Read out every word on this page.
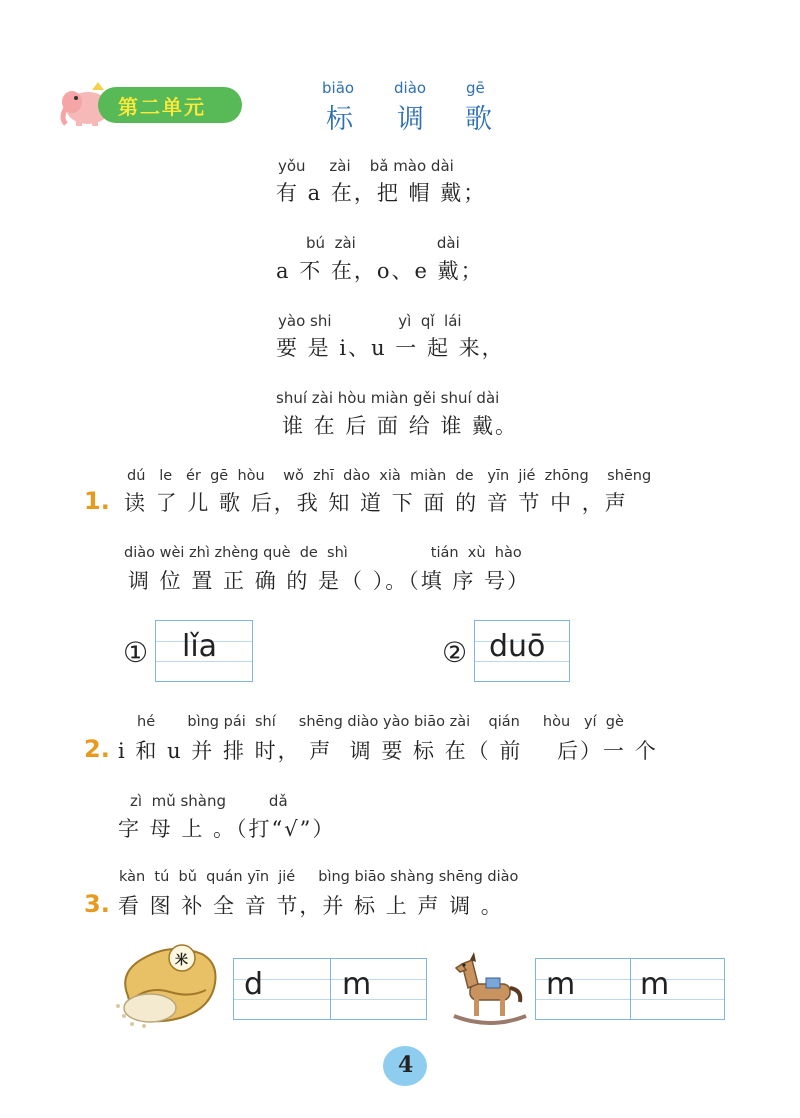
第二单元
biāo	diào	gē
标 调 歌
yǒu     zài    bǎ mào dài
有 a 在，把 帽 戴；
bú  zài                 dài
a 不 在，o、e 戴；
yào shi              yì  qǐ  lái
要 是 i、u 一 起 来，
shuí zài hòu miàn gěi shuí dài
谁 在 后 面 给 谁 戴。
1.
dú   le   ér  gē  hòu    wǒ  zhī  dào  xià  miàn  de   yīn  jié  zhōng    shēng
读 了 儿 歌 后，我 知 道 下 面 的 音 节 中 ，声
diào wèi zhì zhèng què  de  shì                  tián  xù  hào
调 位 置 正 确 的 是（ ）。（填 序 号）
① lǐa	② duō
2.
hé       bìng pái  shí     shēng diào yào biāo zài    qián     hòu   yí  gè
i 和 u 并 排 时， 声  调 要 标 在（ 前    后）一 个
zì  mǔ shàng         dǎ
字 母 上 。（打“√”）
3.
kàn  tú  bǔ  quán yīn  jié     bìng biāo shàng shēng diào
看 图 补 全 音 节，并 标 上 声 调 。
米
d	m	m m
4
